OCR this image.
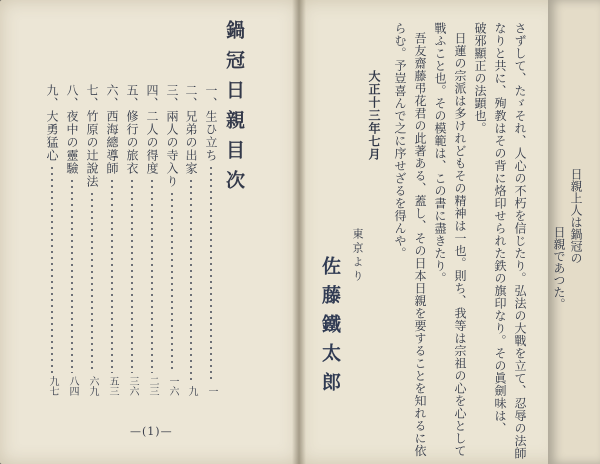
鍋冠日親目次
一、生ひ立ち
一
二、兄弟の出家
九
三、兩人の寺入り
一六
四、二人の得度
二三
五、修行の旅衣
三六
六、西海總導師
五三
七、竹原の辻說法
六九
八、夜中の靈驗
八四
九、大勇猛心
九七
—(1)—	さずして、たゞそれ、人心の不朽を信じたり。弘法の大戰を立て、忍辱の法師
なりと共に、殉教はその背に烙印せられた鉄の旗印なり。その眞劍味は、
破邪顯正の法顕也。
日蓮の宗派は多けれどもその精神は一也。則ち、我等は宗祖の心を心として
戰ふこと也。その模範は、この書に盡きたり。
吾友齋藤弔花君の此著ある、蓋し、その日本日親を要することを知れるに依
らむ。予豈喜んで之に序せざるを得んや。
大正十三年七月
東京より
佐藤鐵太郎
日親上人は鍋冠の
日親であつた。
